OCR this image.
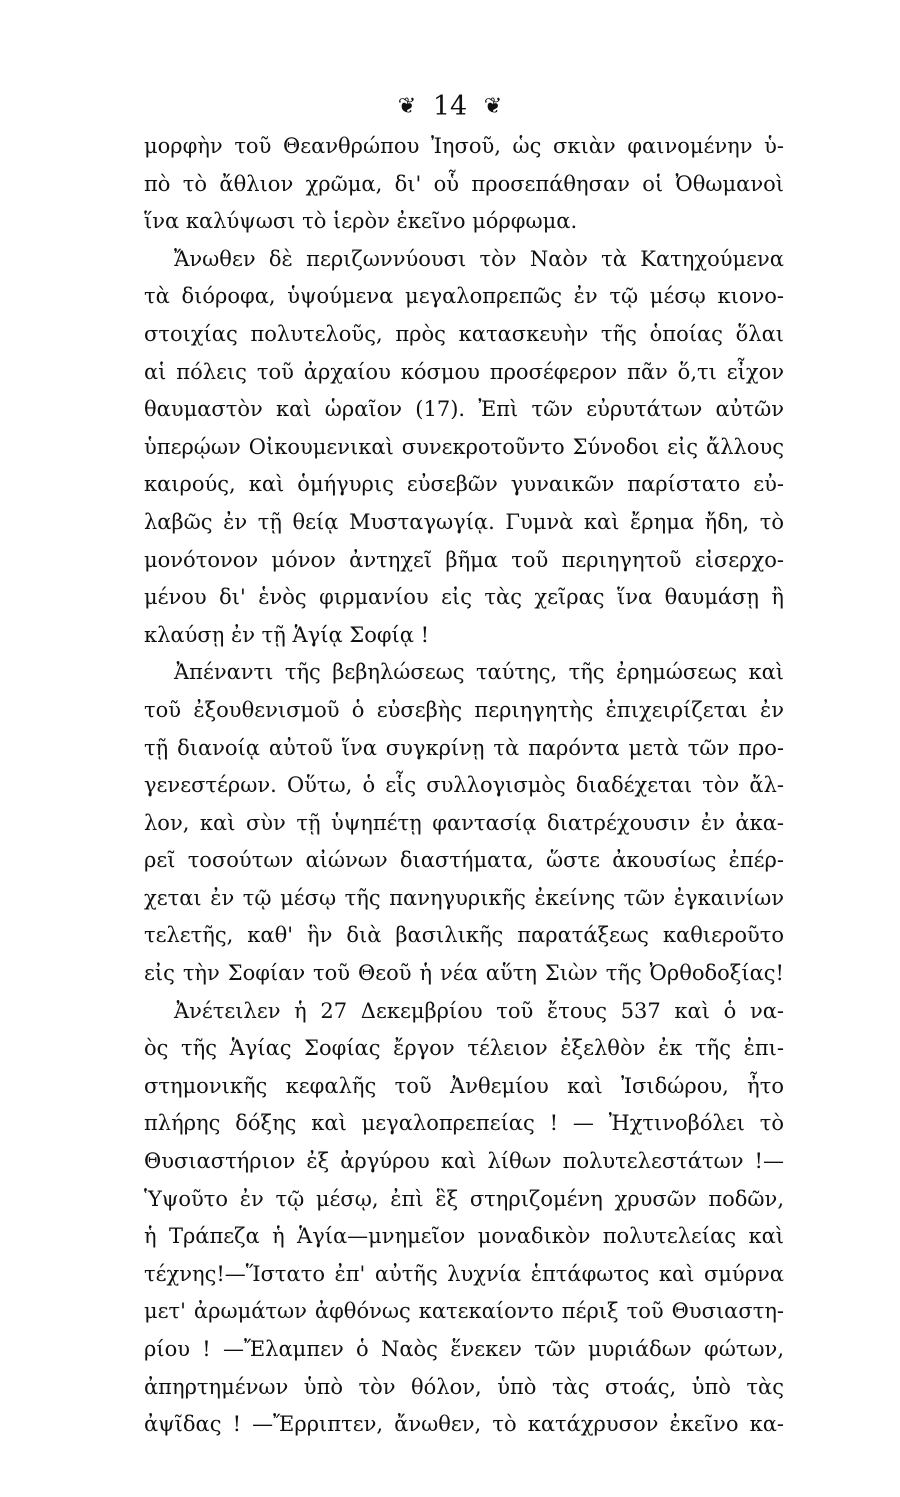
❦ 14 ❦
μορφὴν τοῦ Θεανθρώπου Ἰησοῦ, ὡς σκιὰν φαινομένην ὑ-
πὸ τὸ ἄθλιον χρῶμα, δι' οὗ προσεπάθησαν οἱ Ὀθωμανοὶ
ἵνα καλύψωσι τὸ ἱερὸν ἐκεῖνο μόρφωμα.
Ἄνωθεν δὲ περιζωννύουσι τὸν Ναὸν τὰ Κατηχούμενα
τὰ διόροφα, ὑψούμενα μεγαλοπρεπῶς ἐν τῷ μέσῳ κιονο-
στοιχίας πολυτελοῦς, πρὸς κατασκευὴν τῆς ὁποίας ὅλαι
αἱ πόλεις τοῦ ἀρχαίου κόσμου προσέφερον πᾶν ὅ,τι εἶχον
θαυμαστὸν καὶ ὡραῖον (17). Ἐπὶ τῶν εὐρυτάτων αὐτῶν
ὑπερῴων Οἰκουμενικαὶ συνεκροτοῦντο Σύνοδοι εἰς ἄλλους
καιρούς, καὶ ὁμήγυρις εὐσεβῶν γυναικῶν παρίστατο εὐ-
λαβῶς ἐν τῇ θείᾳ Μυσταγωγίᾳ. Γυμνὰ καὶ ἔρημα ἤδη, τὸ
μονότονον μόνον ἀντηχεῖ βῆμα τοῦ περιηγητοῦ εἰσερχο-
μένου δι' ἑνὸς φιρμανίου εἰς τὰς χεῖρας ἵνα θαυμάσῃ ἢ
κλαύσῃ ἐν τῇ Ἁγίᾳ Σοφίᾳ !
Ἀπέναντι τῆς βεβηλώσεως ταύτης, τῆς ἐρημώσεως καὶ
τοῦ ἐξουθενισμοῦ ὁ εὐσεβὴς περιηγητὴς ἐπιχειρίζεται ἐν
τῇ διανοίᾳ αὐτοῦ ἵνα συγκρίνῃ τὰ παρόντα μετὰ τῶν προ-
γενεστέρων. Οὕτω, ὁ εἷς συλλογισμὸς διαδέχεται τὸν ἄλ-
λον, καὶ σὺν τῇ ὑψηπέτῃ φαντασίᾳ διατρέχουσιν ἐν ἀκα-
ρεῖ τοσούτων αἰώνων διαστήματα, ὥστε ἀκουσίως ἐπέρ-
χεται ἐν τῷ μέσῳ τῆς πανηγυρικῆς ἐκείνης τῶν ἐγκαινίων
τελετῆς, καθ' ἣν διὰ βασιλικῆς παρατάξεως καθιεροῦτο
εἰς τὴν Σοφίαν τοῦ Θεοῦ ἡ νέα αὕτη Σιὼν τῆς Ὀρθοδοξίας!
Ἀνέτειλεν ἡ 27 Δεκεμβρίου τοῦ ἔτους 537 καὶ ὁ να-
ὸς τῆς Ἁγίας Σοφίας ἔργον τέλειον ἐξελθὸν ἐκ τῆς ἐπι-
στημονικῆς κεφαλῆς τοῦ Ἀνθεμίου καὶ Ἰσιδώρου, ἦτο
πλήρης δόξης καὶ μεγαλοπρεπείας ! — Ἠχτινοβόλει τὸ
Θυσιαστήριον ἐξ ἀργύρου καὶ λίθων πολυτελεστάτων !—
Ὑψοῦτο ἐν τῷ μέσῳ, ἐπὶ ἓξ στηριζομένη χρυσῶν ποδῶν,
ἡ Τράπεζα ἡ Ἁγία—μνημεῖον μοναδικὸν πολυτελείας καὶ
τέχνης!—Ἵστατο ἐπ' αὐτῆς λυχνία ἑπτάφωτος καὶ σμύρνα
μετ' ἀρωμάτων ἀφθόνως κατεκαίοντο πέριξ τοῦ Θυσιαστη-
ρίου ! —Ἔλαμπεν ὁ Ναὸς ἕνεκεν τῶν μυριάδων φώτων,
ἀπηρτημένων ὑπὸ τὸν θόλον, ὑπὸ τὰς στοάς, ὑπὸ τὰς
ἀψῖδας ! —Ἔρριπτεν, ἄνωθεν, τὸ κατάχρυσον ἐκεῖνο κα-
